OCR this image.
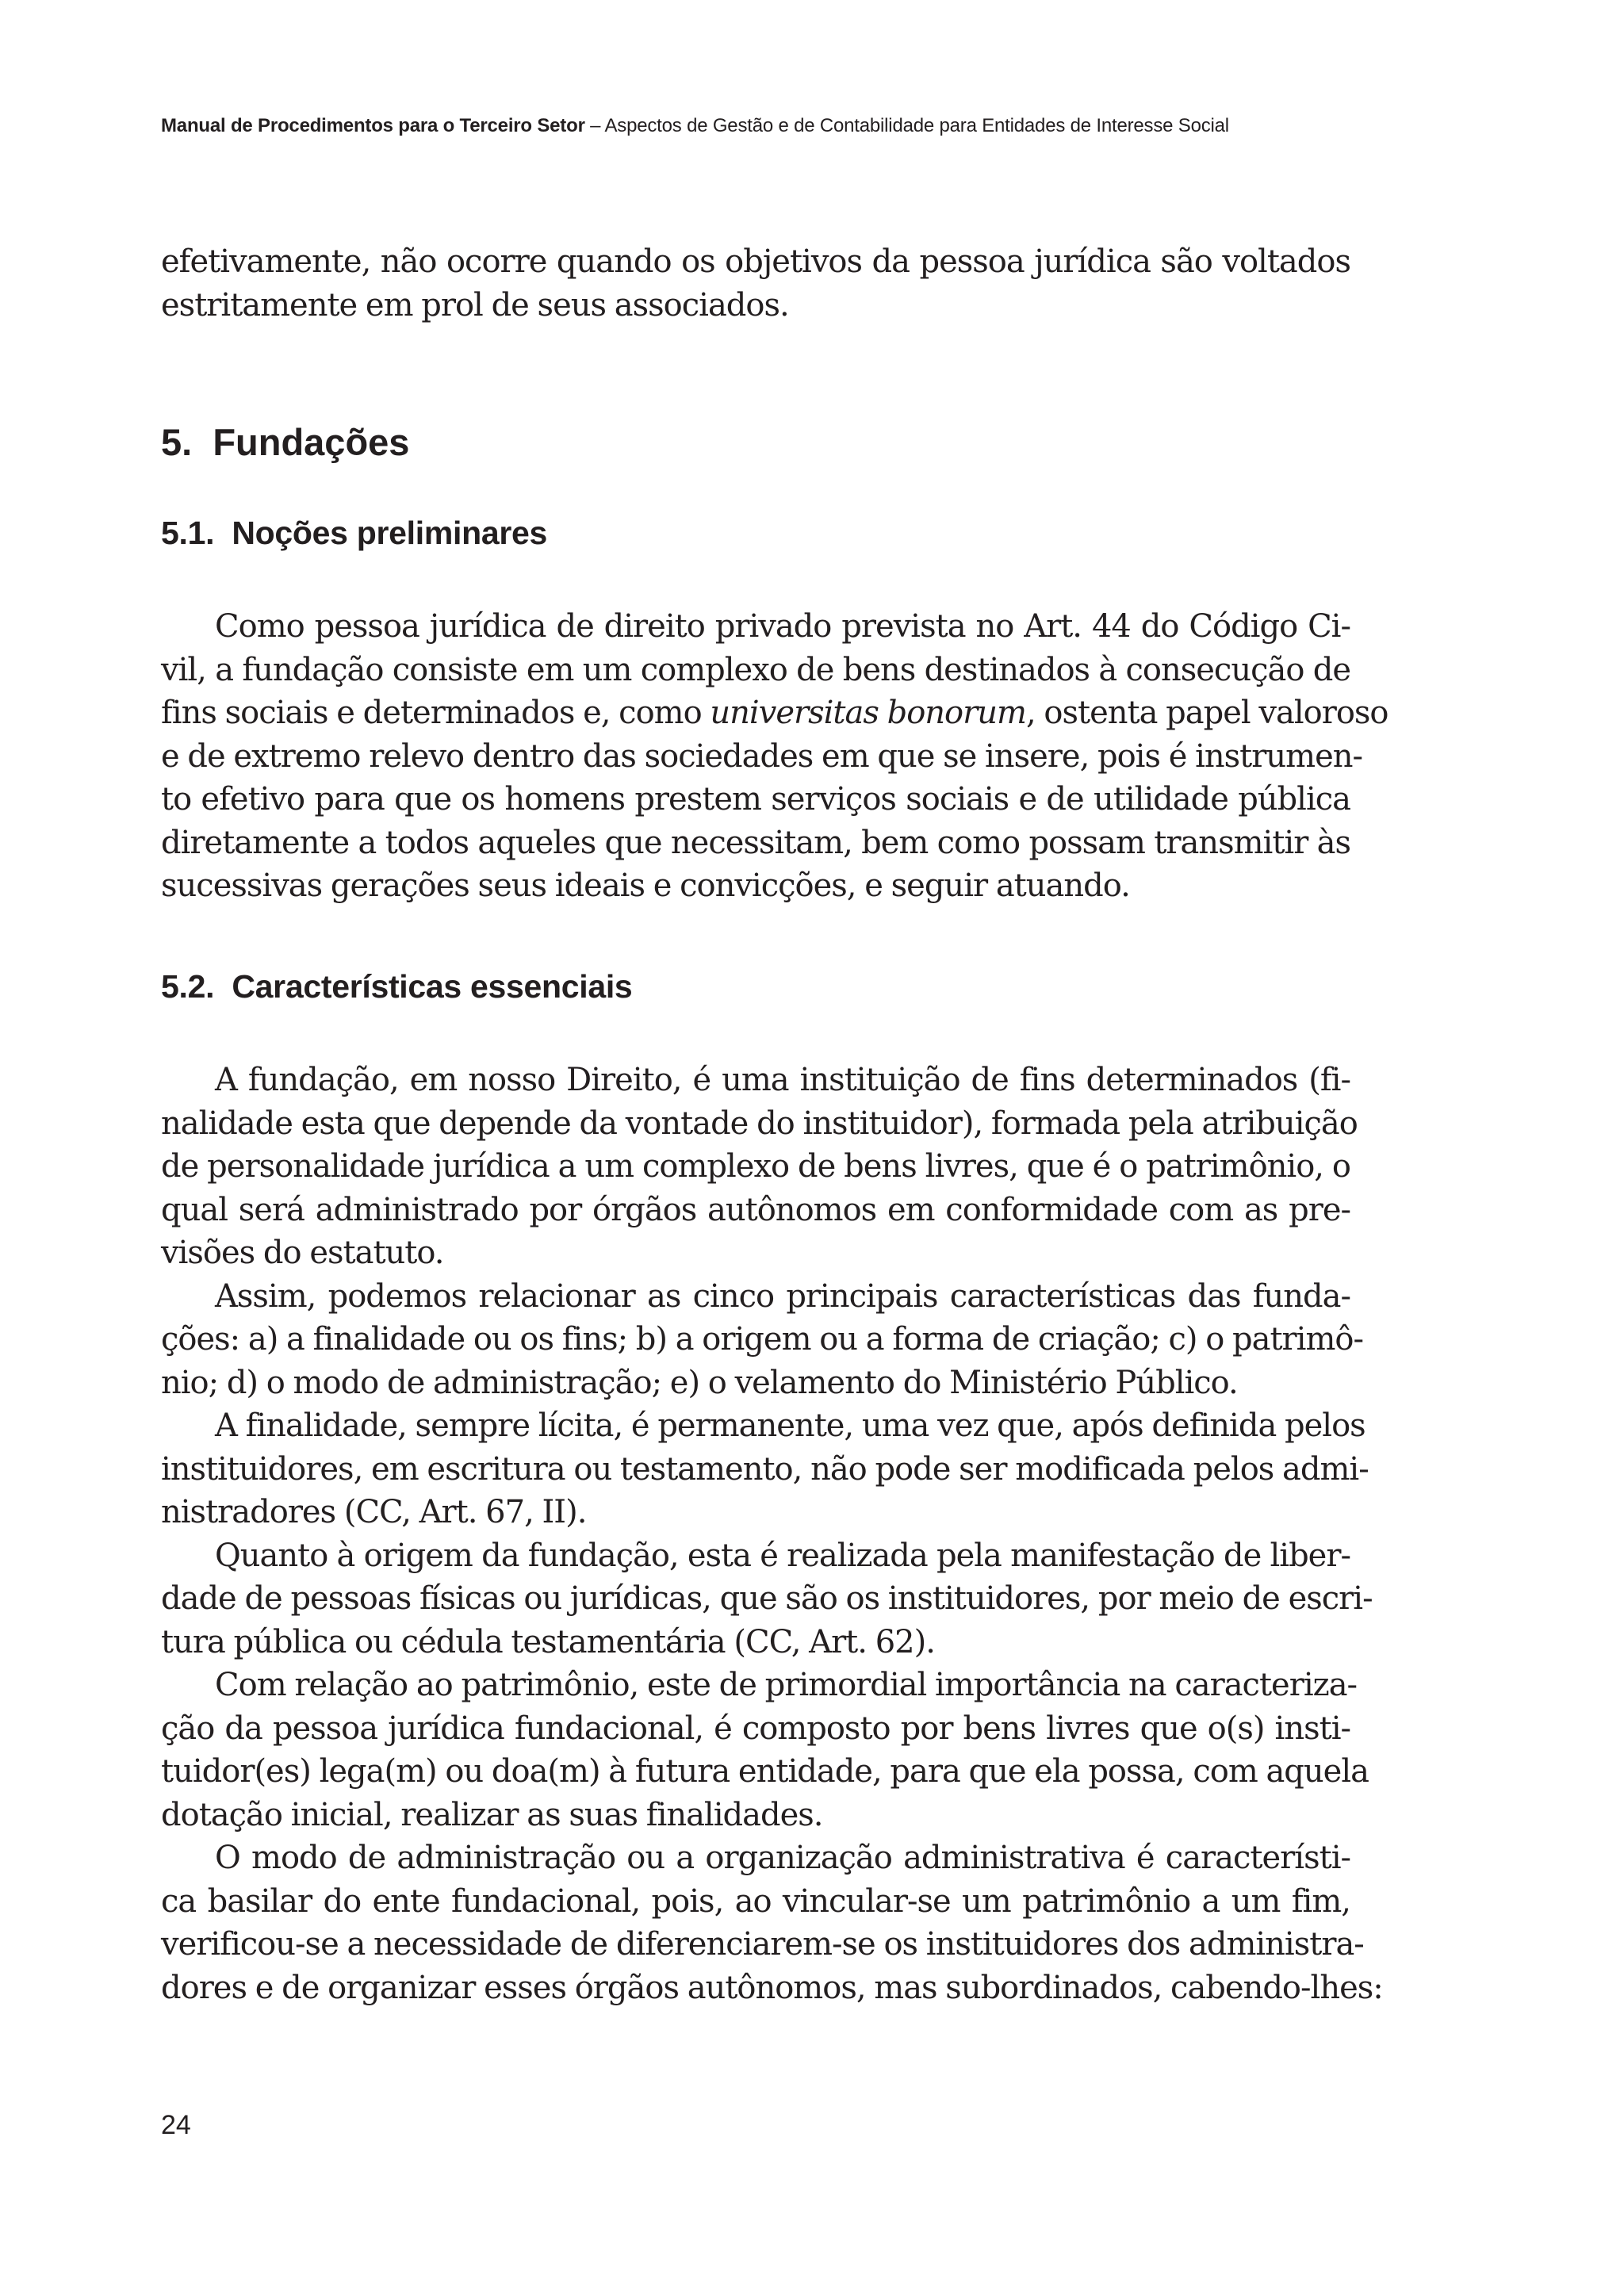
Manual de Procedimentos para o Terceiro Setor – Aspectos de Gestão e de Contabilidade para Entidades de Interesse Social
efetivamente, não ocorre quando os objetivos da pessoa jurídica são voltados
estritamente em prol de seus associados.
5. Fundações
5.1. Noções preliminares
Como pessoa jurídica de direito privado prevista no Art. 44 do Código Ci-
vil, a fundação consiste em um complexo de bens destinados à consecução de
fins sociais e determinados e, como universitas bonorum, ostenta papel valoroso
e de extremo relevo dentro das sociedades em que se insere, pois é instrumen-
to efetivo para que os homens prestem serviços sociais e de utilidade pública
diretamente a todos aqueles que necessitam, bem como possam transmitir às
sucessivas gerações seus ideais e convicções, e seguir atuando.
5.2. Características essenciais
A fundação, em nosso Direito, é uma instituição de fins determinados (fi-
nalidade esta que depende da vontade do instituidor), formada pela atribuição
de personalidade jurídica a um complexo de bens livres, que é o patrimônio, o
qual será administrado por órgãos autônomos em conformidade com as pre-
visões do estatuto.
Assim, podemos relacionar as cinco principais características das funda-
ções: a) a finalidade ou os fins; b) a origem ou a forma de criação; c) o patrimô-
nio; d) o modo de administração; e) o velamento do Ministério Público.
A finalidade, sempre lícita, é permanente, uma vez que, após definida pelos
instituidores, em escritura ou testamento, não pode ser modificada pelos admi-
nistradores (CC, Art. 67, II).
Quanto à origem da fundação, esta é realizada pela manifestação de liber-
dade de pessoas físicas ou jurídicas, que são os instituidores, por meio de escri-
tura pública ou cédula testamentária (CC, Art. 62).
Com relação ao patrimônio, este de primordial importância na caracteriza-
ção da pessoa jurídica fundacional, é composto por bens livres que o(s) insti-
tuidor(es) lega(m) ou doa(m) à futura entidade, para que ela possa, com aquela
dotação inicial, realizar as suas finalidades.
O modo de administração ou a organização administrativa é característi-
ca basilar do ente fundacional, pois, ao vincular-se um patrimônio a um fim,
verificou-se a necessidade de diferenciarem-se os instituidores dos administra-
dores e de organizar esses órgãos autônomos, mas subordinados, cabendo-lhes:
24
